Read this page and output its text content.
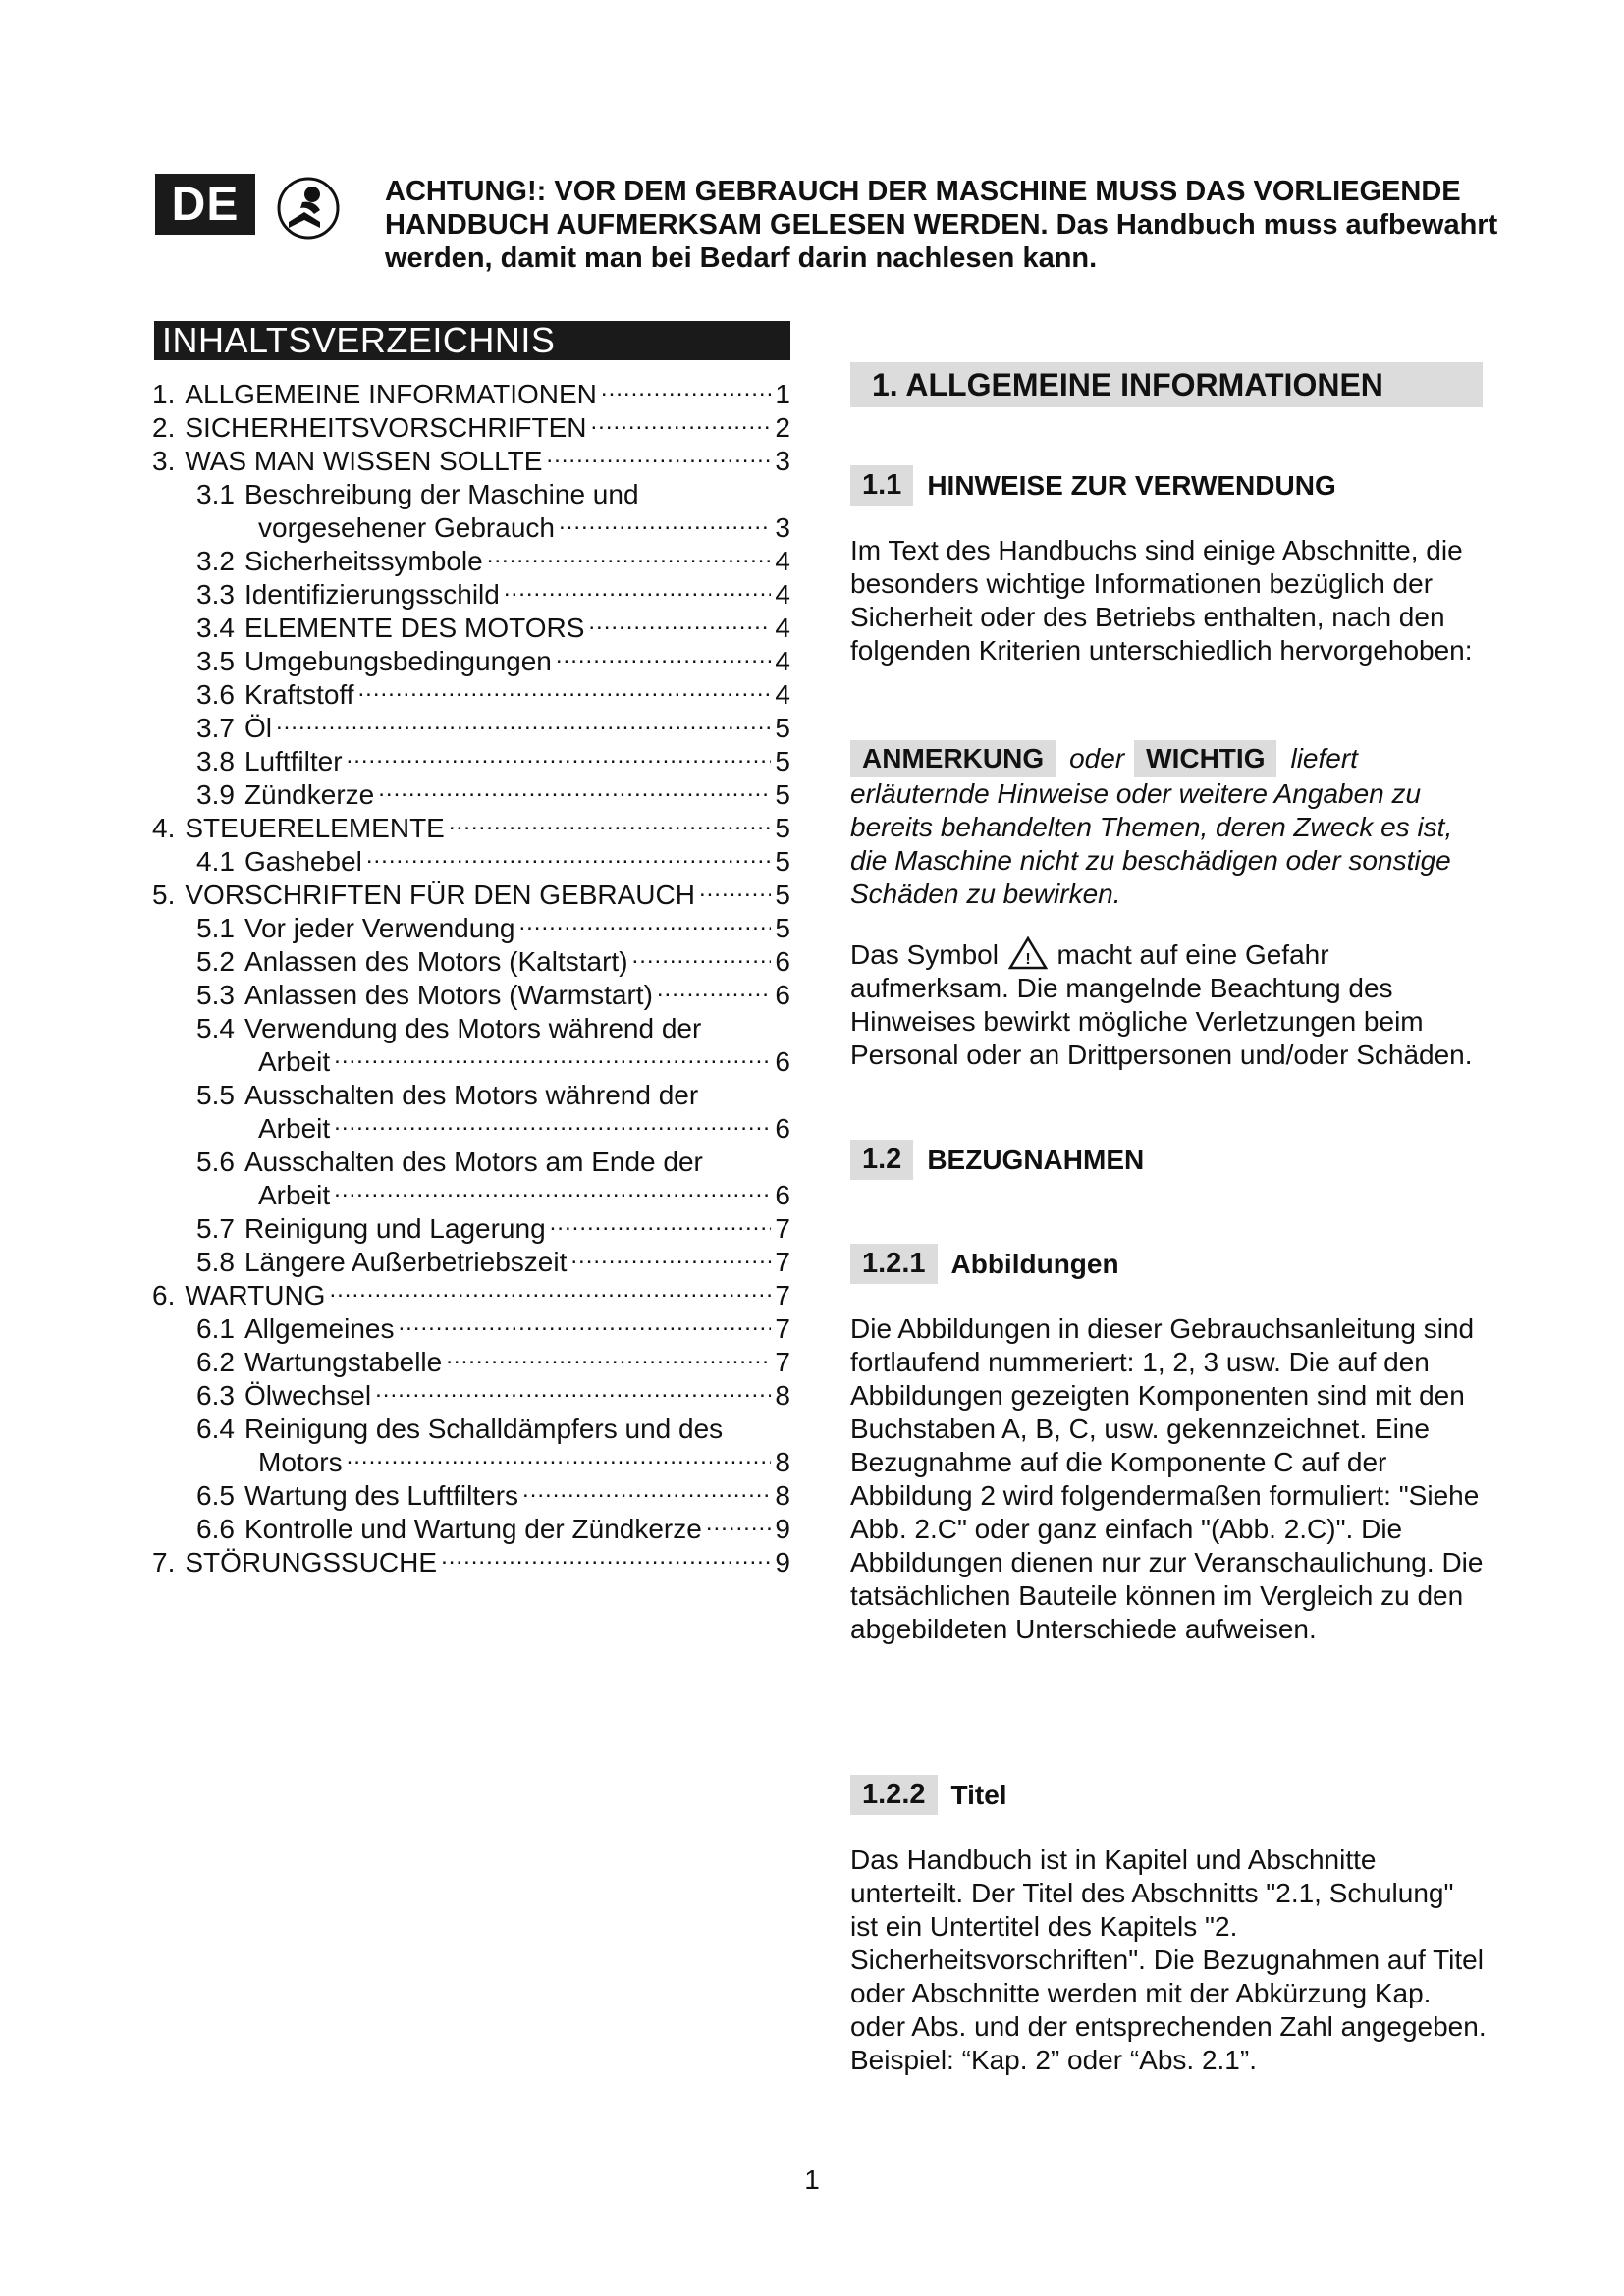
DE	ACHTUNG!: VOR DEM GEBRAUCH DER MASCHINE MUSS DAS VORLIEGENDE HANDBUCH AUFMERKSAM GELESEN WERDEN. Das Handbuch muss aufbewahrt werden, damit man bei Bedarf darin nachlesen kann.
INHALTSVERZEICHNIS
1. ALLGEMEINE INFORMATIONEN .....	1
2. SICHERHEITSVORSCHRIFTEN .....	2
3. WAS MAN WISSEN SOLLTE .....	3
3.1 Beschreibung der Maschine und
vorgesehener Gebrauch .....	3
3.2 Sicherheitssymbole .....	4
3.3 Identifizierungsschild .....	4
3.4 ELEMENTE DES MOTORS .....	4
3.5 Umgebungsbedingungen .....	4
3.6 Kraftstoff .....	4
3.7 Öl .....	5
3.8 Luftfilter .....	5
3.9 Zündkerze .....	5
4. STEUERELEMENTE .....	5
4.1 Gashebel .....	5
5. VORSCHRIFTEN FÜR DEN GEBRAUCH .....	5
5.1 Vor jeder Verwendung .....	5
5.2 Anlassen des Motors (Kaltstart) .....	6
5.3 Anlassen des Motors (Warmstart) .....	6
5.4 Verwendung des Motors während der
Arbeit .....	6
5.5 Ausschalten des Motors während der
Arbeit .....	6
5.6 Ausschalten des Motors am Ende der
Arbeit .....	6
5.7 Reinigung und Lagerung .....	7
5.8 Längere Außerbetriebszeit .....	7
6. WARTUNG .....	7
6.1 Allgemeines .....	7
6.2 Wartungstabelle .....	7
6.3 Ölwechsel .....	8
6.4 Reinigung des Schalldämpfers und des
Motors .....	8
6.5 Wartung des Luftfilters .....	8
6.6 Kontrolle und Wartung der Zündkerze .....	9
7. STÖRUNGSSUCHE .....	9
1. ALLGEMEINE INFORMATIONEN
1.1 HINWEISE ZUR VERWENDUNG

Im Text des Handbuchs sind einige Abschnitte, die besonders wichtige Informationen bezüglich der Sicherheit oder des Betriebs enthalten, nach den folgenden Kriterien unterschiedlich hervorgehoben:

ANMERKUNG oder WICHTIG liefert erläuternde Hinweise oder weitere Angaben zu bereits behandelten Themen, deren Zweck es ist, die Maschine nicht zu beschädigen oder sonstige Schäden zu bewirken.
Das Symbol ! macht auf eine Gefahr aufmerksam. Die mangelnde Beachtung des Hinweises bewirkt mögliche Verletzungen beim Personal oder an Drittpersonen und/oder Schäden.
1.2 BEZUGNAHMEN
1.2.1 Abbildungen

Die Abbildungen in dieser Gebrauchsanleitung sind fortlaufend nummeriert: 1, 2, 3 usw. Die auf den Abbildungen gezeigten Komponenten sind mit den Buchstaben A, B, C, usw. gekennzeichnet. Eine Bezugnahme auf die Komponente C auf der Abbildung 2 wird folgendermaßen formuliert: "Siehe Abb. 2.C" oder ganz einfach "(Abb. 2.C)". Die Abbildungen dienen nur zur Veranschaulichung. Die tatsächlichen Bauteile können im Vergleich zu den abgebildeten Unterschiede aufweisen.

1.2.2 Titel

Das Handbuch ist in Kapitel und Abschnitte unterteilt. Der Titel des Abschnitts "2.1, Schulung" ist ein Untertitel des Kapitels "2. Sicherheitsvorschriften". Die Bezugnahmen auf Titel oder Abschnitte werden mit der Abkürzung Kap. oder Abs. und der entsprechenden Zahl angegeben. Beispiel: “Kap. 2” oder “Abs. 2.1”.

1
